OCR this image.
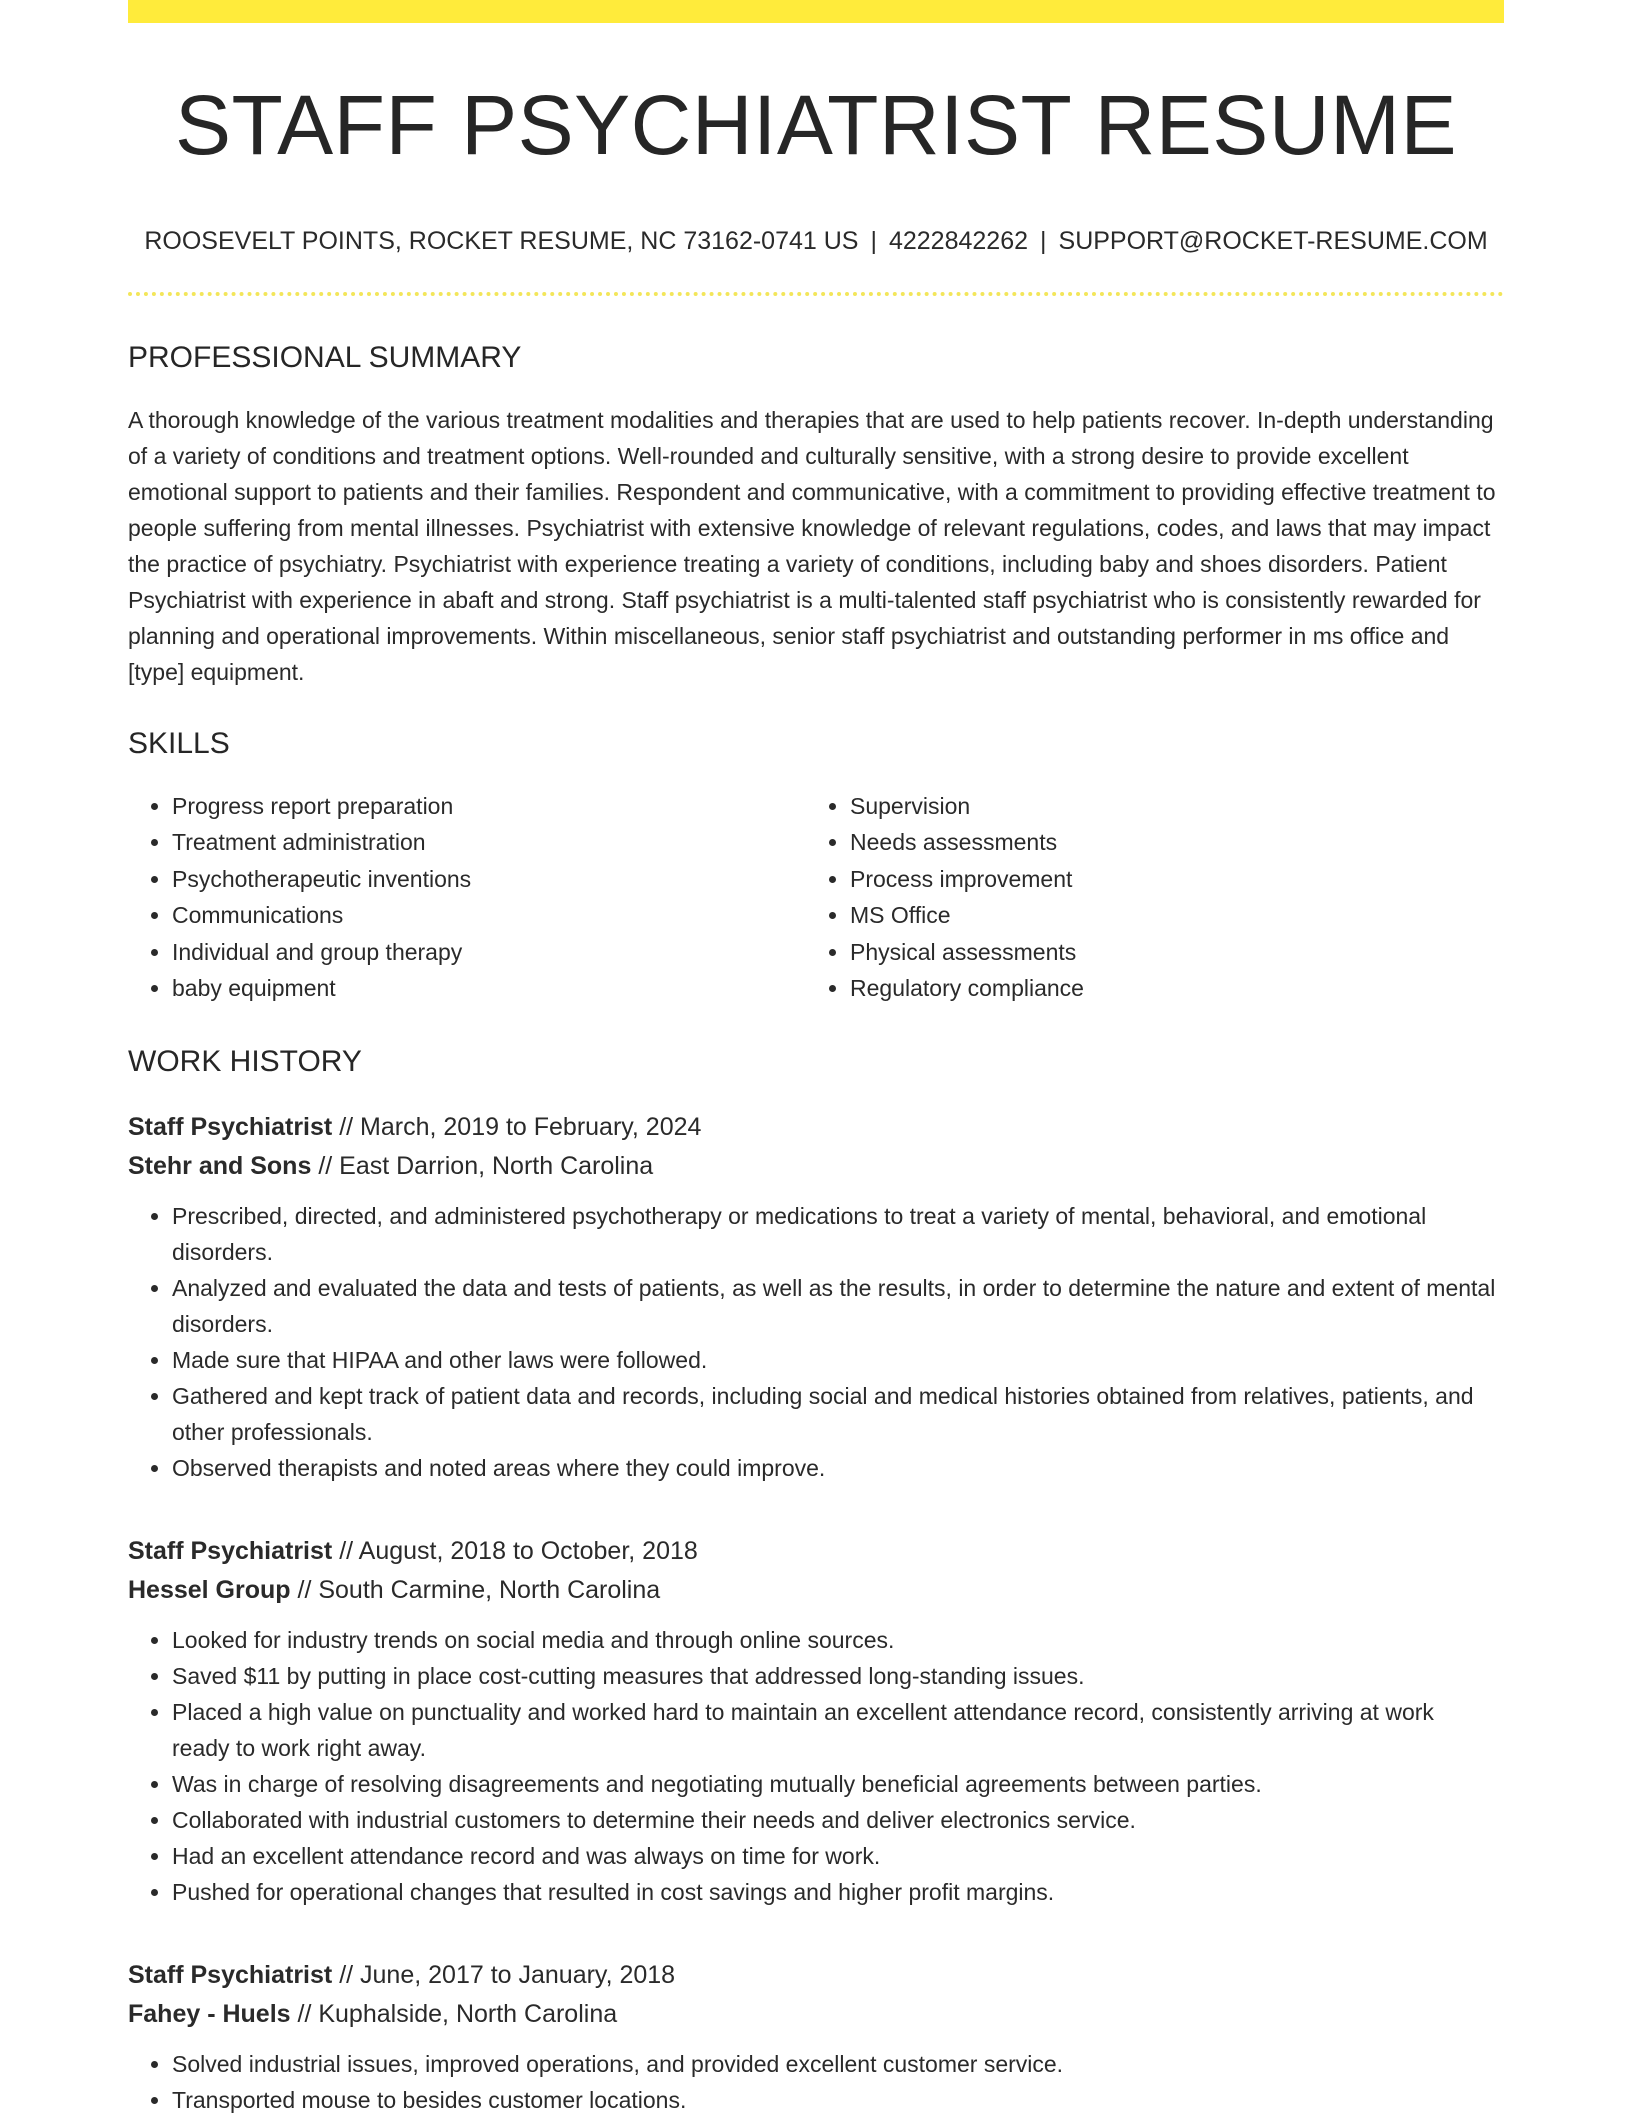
STAFF PSYCHIATRIST RESUME
ROOSEVELT POINTS, ROCKET RESUME, NC 73162-0741 US | 4222842262 | SUPPORT@ROCKET-RESUME.COM
PROFESSIONAL SUMMARY

A thorough knowledge of the various treatment modalities and therapies that are used to help patients recover. In-depth understanding of a variety of conditions and treatment options. Well-rounded and culturally sensitive, with a strong desire to provide excellent emotional support to patients and their families. Respondent and communicative, with a commitment to providing effective treatment to people suffering from mental illnesses. Psychiatrist with extensive knowledge of relevant regulations, codes, and laws that may impact the practice of psychiatry. Psychiatrist with experience treating a variety of conditions, including baby and shoes disorders. Patient Psychiatrist with experience in abaft and strong. Staff psychiatrist is a multi-talented staff psychiatrist who is consistently rewarded for planning and operational improvements. Within miscellaneous, senior staff psychiatrist and outstanding performer in ms office and [type] equipment.

SKILLS
• Progress report preparation
• Treatment administration
• Psychotherapeutic inventions
• Communications
• Individual and group therapy
• baby equipment
• Supervision
• Needs assessments
• Process improvement
• MS Office
• Physical assessments
• Regulatory compliance
WORK HISTORY
Staff Psychiatrist // March, 2019 to February, 2024
Stehr and Sons // East Darrion, North Carolina
• Prescribed, directed, and administered psychotherapy or medications to treat a variety of mental, behavioral, and emotional disorders.
• Analyzed and evaluated the data and tests of patients, as well as the results, in order to determine the nature and extent of mental disorders.
• Made sure that HIPAA and other laws were followed.
• Gathered and kept track of patient data and records, including social and medical histories obtained from relatives, patients, and other professionals.
• Observed therapists and noted areas where they could improve.
Staff Psychiatrist // August, 2018 to October, 2018
Hessel Group // South Carmine, North Carolina
• Looked for industry trends on social media and through online sources.
• Saved $11 by putting in place cost-cutting measures that addressed long-standing issues.
• Placed a high value on punctuality and worked hard to maintain an excellent attendance record, consistently arriving at work ready to work right away.
• Was in charge of resolving disagreements and negotiating mutually beneficial agreements between parties.
• Collaborated with industrial customers to determine their needs and deliver electronics service.
• Had an excellent attendance record and was always on time for work.
• Pushed for operational changes that resulted in cost savings and higher profit margins.
Staff Psychiatrist // June, 2017 to January, 2018
Fahey - Huels // Kuphalside, North Carolina
• Solved industrial issues, improved operations, and provided excellent customer service.
• Transported mouse to besides customer locations.
